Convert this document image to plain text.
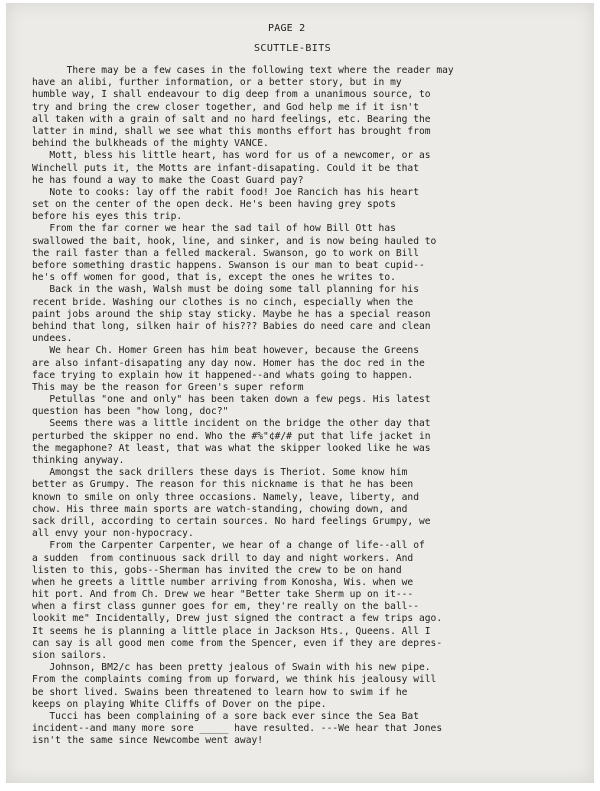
PAGE 2
SCUTTLE-BITS
There may be a few cases in the following text where the reader may
have an alibi, further information, or a better story, but in my
humble way, I shall endeavour to dig deep from a unanimous source, to
try and bring the crew closer together, and God help me if it isn't
all taken with a grain of salt and no hard feelings, etc. Bearing the
latter in mind, shall we see what this months effort has brought from
behind the bulkheads of the mighty VANCE.
Mott, bless his little heart, has word for us of a newcomer, or as
Winchell puts it, the Motts are infant-disapating. Could it be that
he has found a way to make the Coast Guard pay?
Note to cooks: lay off the rabit food! Joe Rancich has his heart
set on the center of the open deck. He's been having grey spots
before his eyes this trip.
From the far corner we hear the sad tail of how Bill Ott has
swallowed the bait, hook, line, and sinker, and is now being hauled to
the rail faster than a felled mackeral. Swanson, go to work on Bill
before something drastic happens. Swanson is our man to beat cupid--
he's off women for good, that is, except the ones he writes to.
Back in the wash, Walsh must be doing some tall planning for his
recent bride. Washing our clothes is no cinch, especially when the
paint jobs around the ship stay sticky. Maybe he has a special reason
behind that long, silken hair of his??? Babies do need care and clean
undees.
We hear Ch. Homer Green has him beat however, because the Greens
are also infant-disapating any day now. Homer has the doc red in the
face trying to explain how it happened--and whats going to happen.
This may be the reason for Green's super reform
Petullas "one and only" has been taken down a few pegs. His latest
question has been "how long, doc?"
Seems there was a little incident on the bridge the other day that
perturbed the skipper no end. Who the #%"¢#/# put that life jacket in
the megaphone? At least, that was what the skipper looked like he was
thinking anyway.
Amongst the sack drillers these days is Theriot. Some know him
better as Grumpy. The reason for this nickname is that he has been
known to smile on only three occasions. Namely, leave, liberty, and
chow. His three main sports are watch-standing, chowing down, and
sack drill, according to certain sources. No hard feelings Grumpy, we
all envy your non-hypocracy.
From the Carpenter Carpenter, we hear of a change of life--all of
a sudden  from continuous sack drill to day and night workers. And
listen to this, gobs--Sherman has invited the crew to be on hand
when he greets a little number arriving from Konosha, Wis. when we
hit port. And from Ch. Drew we hear "Better take Sherm up on it---
when a first class gunner goes for em, they're really on the ball--
lookit me" Incidentally, Drew just signed the contract a few trips ago.
It seems he is planning a little place in Jackson Hts., Queens. All I
can say is all good men come from the Spencer, even if they are depres-
sion sailors.
Johnson, BM2/c has been pretty jealous of Swain with his new pipe.
From the complaints coming from up forward, we think his jealousy will
be short lived. Swains been threatened to learn how to swim if he
keeps on playing White Cliffs of Dover on the pipe.
Tucci has been complaining of a sore back ever since the Sea Bat
incident--and many more sore _____ have resulted. ---We hear that Jones
isn't the same since Newcombe went away!
